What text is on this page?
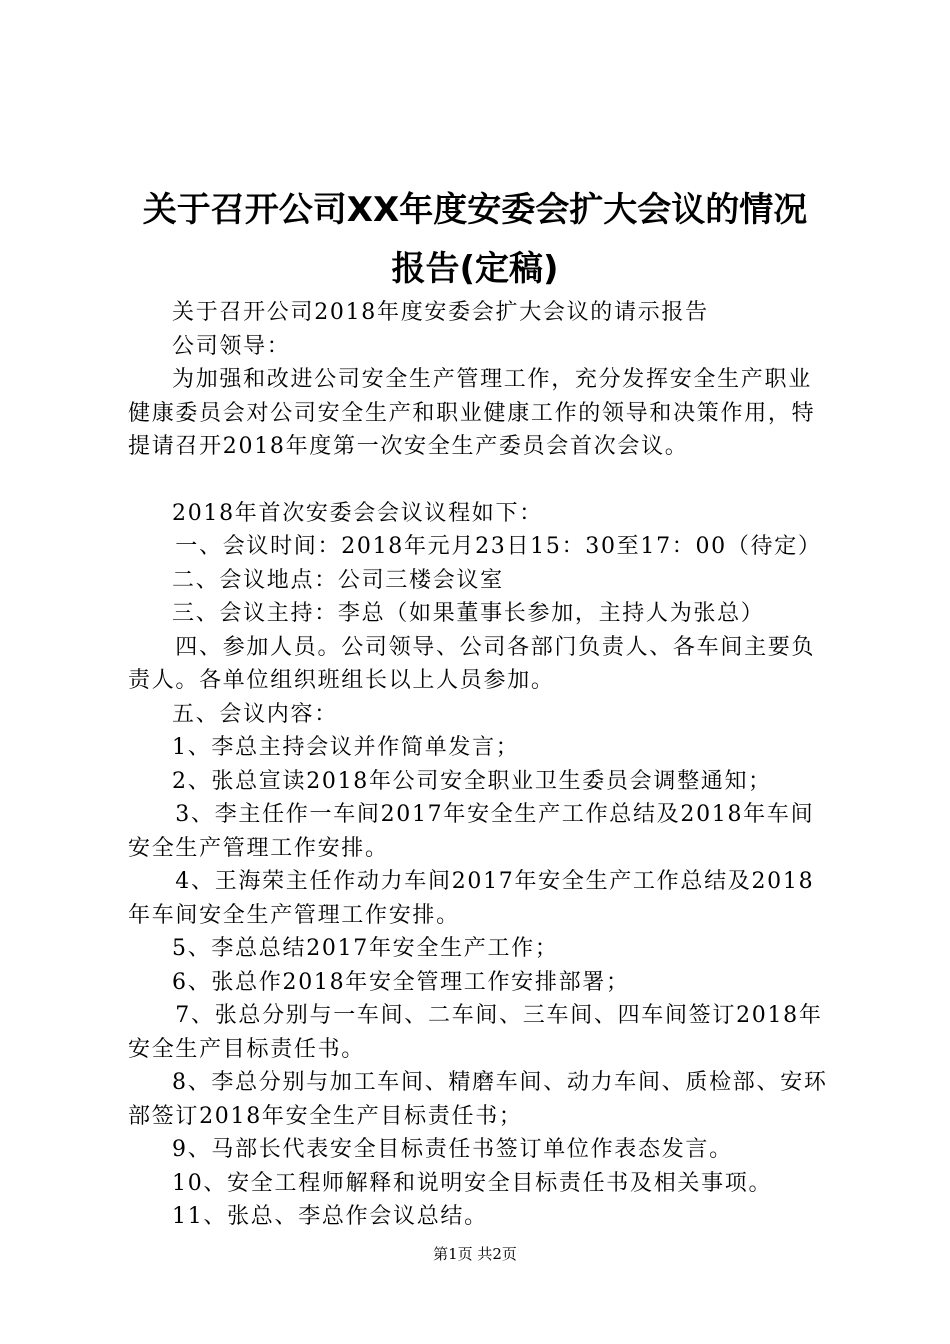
关于召开公司XX年度安委会扩大会议的情况
报告(定稿)

关于召开公司2018年度安委会扩大会议的请示报告

公司领导：

为加强和改进公司安全生产管理工作，充分发挥安全生产职业健康委员会对公司安全生产和职业健康工作的领导和决策作用，特提请召开2018年度第一次安全生产委员会首次会议。

2018年首次安委会会议议程如下：

一、会议时间：2018年元月23日15：30至17：00（待定）

二、会议地点：公司三楼会议室

三、会议主持：李总（如果董事长参加，主持人为张总）

四、参加人员。公司领导、公司各部门负责人、各车间主要负责人。各单位组织班组长以上人员参加。

五、会议内容：

1、李总主持会议并作简单发言；

2、张总宣读2018年公司安全职业卫生委员会调整通知；

3、李主任作一车间2017年安全生产工作总结及2018年车间安全生产管理工作安排。

4、王海荣主任作动力车间2017年安全生产工作总结及2018年车间安全生产管理工作安排。

5、李总总结2017年安全生产工作；

6、张总作2018年安全管理工作安排部署；

7、张总分别与一车间、二车间、三车间、四车间签订2018年安全生产目标责任书。

8、李总分别与加工车间、精磨车间、动力车间、质检部、安环部签订2018年安全生产目标责任书；

9、马部长代表安全目标责任书签订单位作表态发言。

10、安全工程师解释和说明安全目标责任书及相关事项。

11、张总、李总作会议总结。

第1页 共2页
